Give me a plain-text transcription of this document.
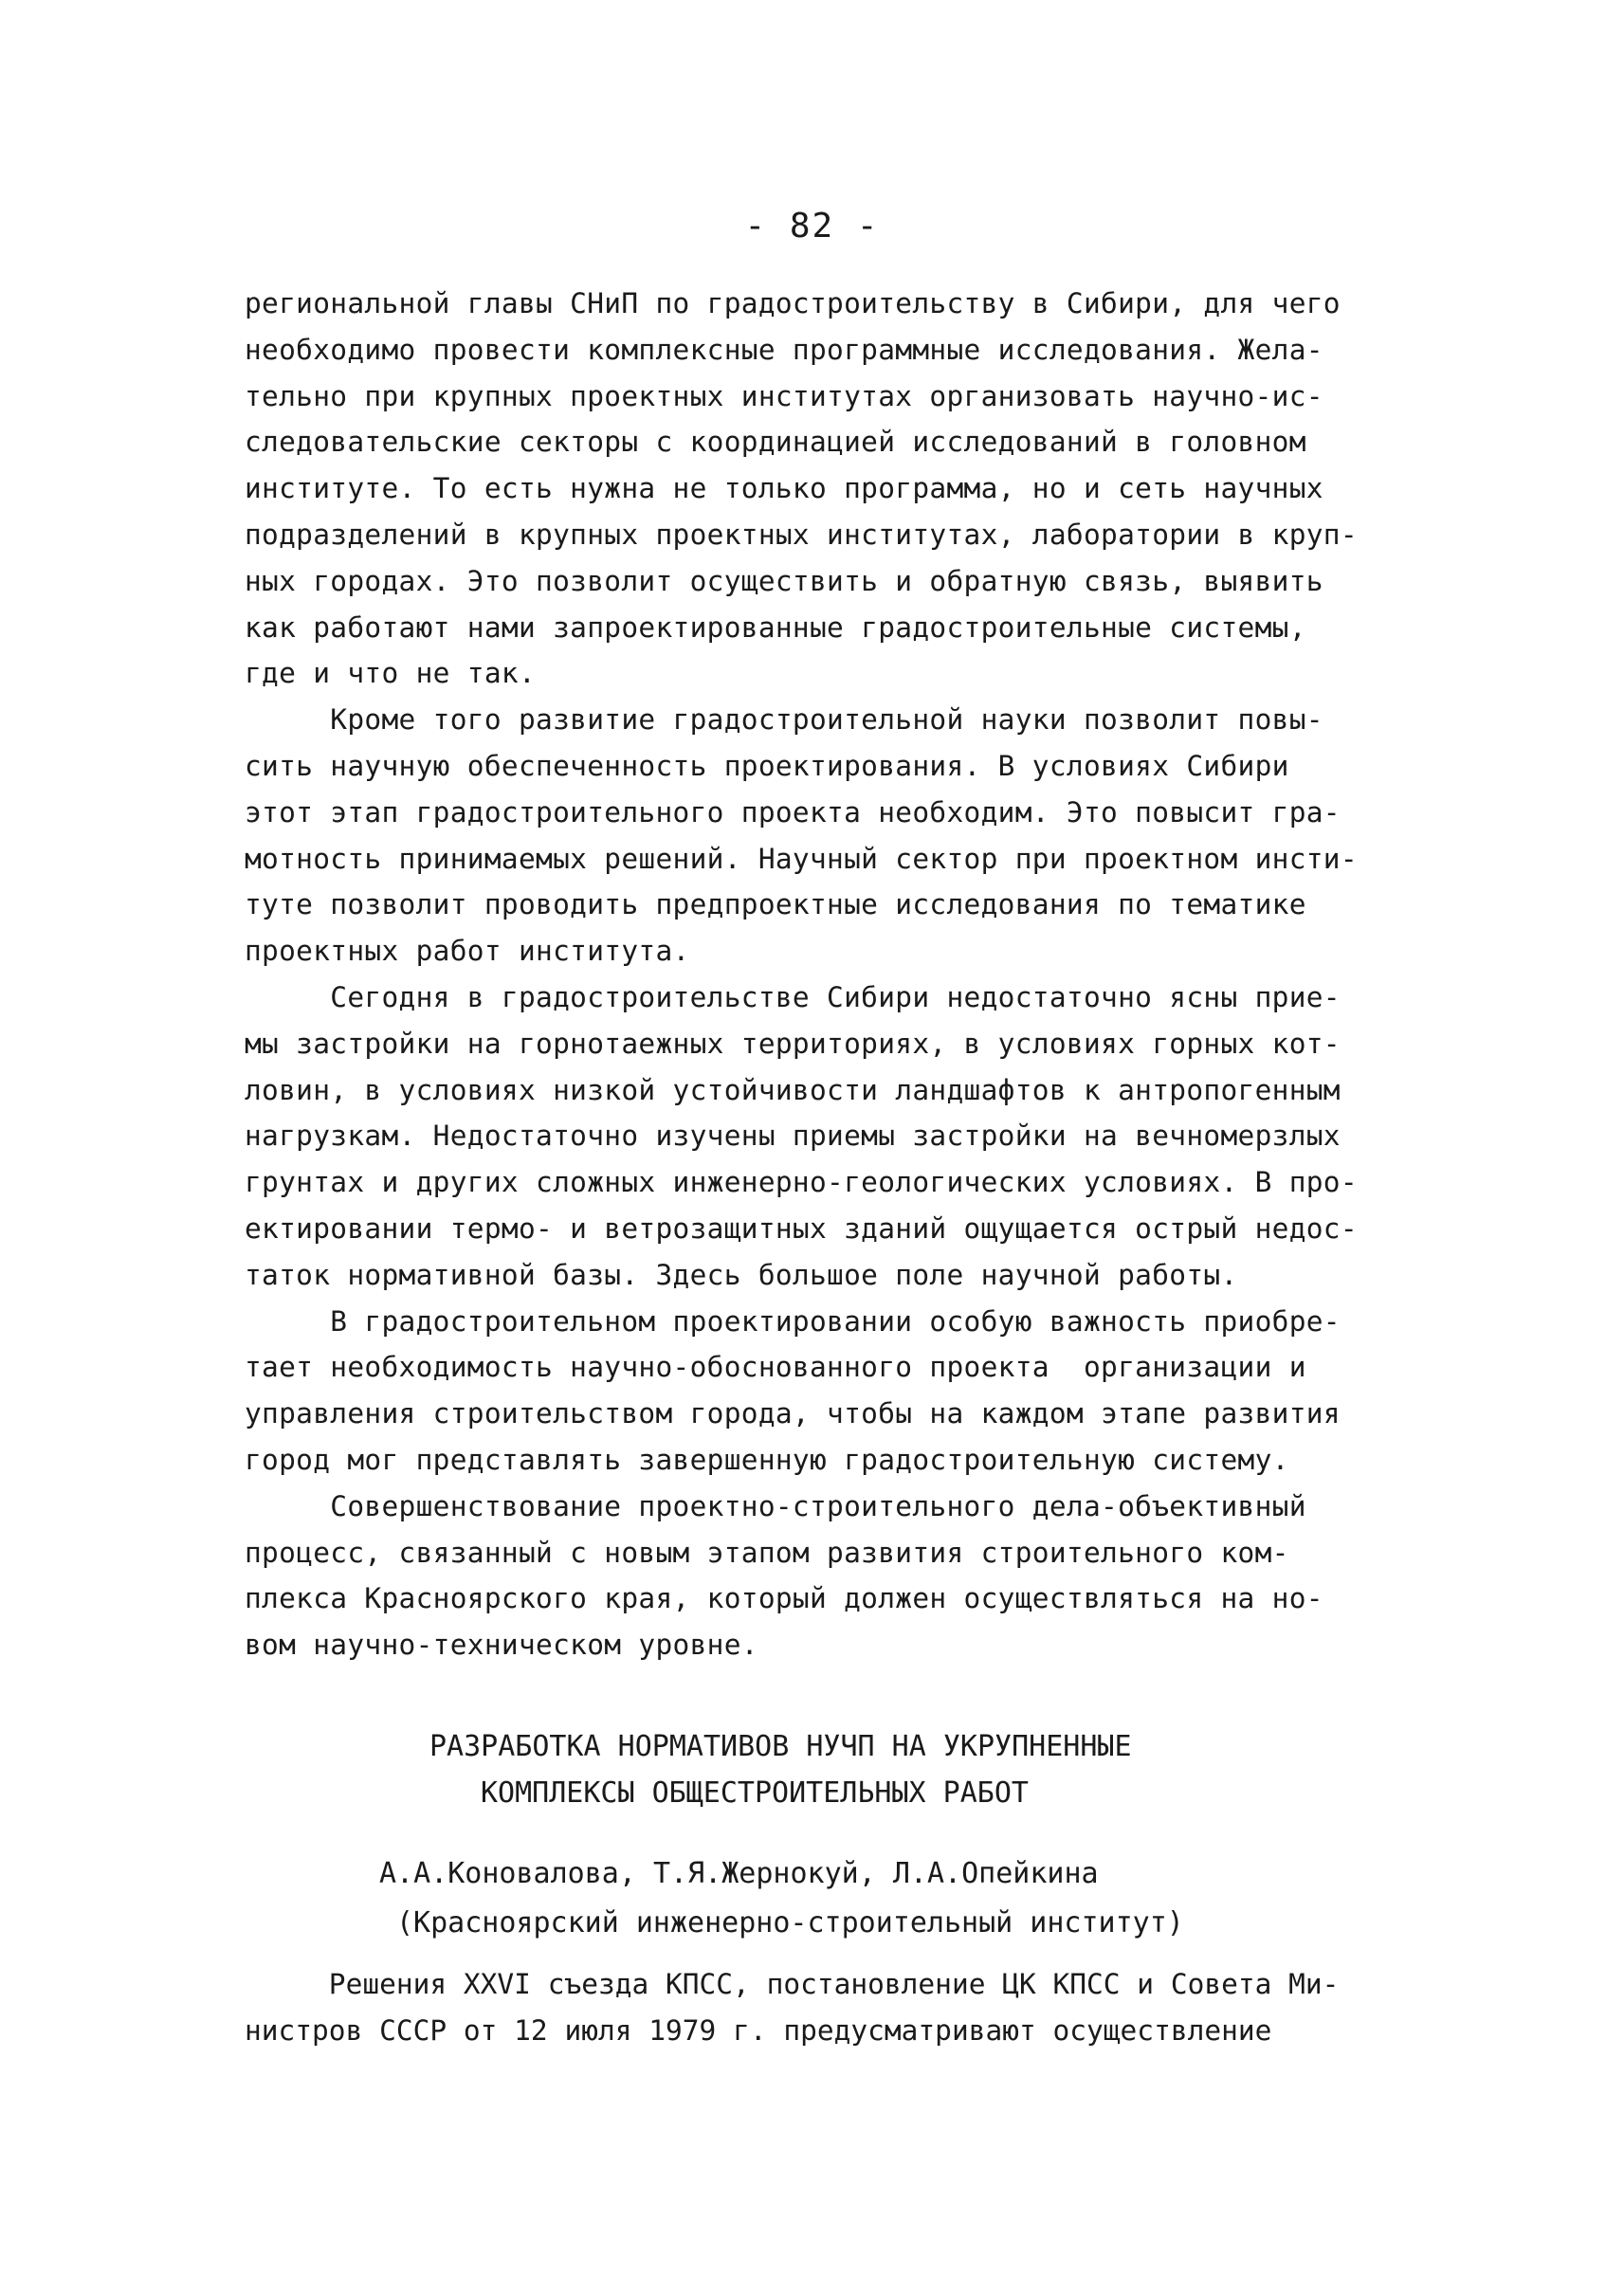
- 82 -
региональной главы СНиП по градостроительству в Сибири, для чего
необходимо провести комплексные программные исследования. Жела-
тельно при крупных проектных институтах организовать научно-ис-
следовательские секторы с координацией исследований в головном
институте. То есть нужна не только программа, но и сеть научных
подразделений в крупных проектных институтах, лаборатории в круп-
ных городах. Это позволит осуществить и обратную связь, выявить
как работают нами запроектированные градостроительные системы,
где и что не так.
Кроме того развитие градостроительной науки позволит повы-
сить научную обеспеченность проектирования. В условиях Сибири
этот этап градостроительного проекта необходим. Это повысит гра-
мотность принимаемых решений. Научный сектор при проектном инсти-
туте позволит проводить предпроектные исследования по тематике
проектных работ института.
Сегодня в градостроительстве Сибири недостаточно ясны прие-
мы застройки на горнотаежных территориях, в условиях горных кот-
ловин, в условиях низкой устойчивости ландшафтов к антропогенным
нагрузкам. Недостаточно изучены приемы застройки на вечномерзлых
грунтах и других сложных инженерно-геологических условиях. В про-
ектировании термо- и ветрозащитных зданий ощущается острый недос-
таток нормативной базы. Здесь большое поле научной работы.
В градостроительном проектировании особую важность приобре-
тает необходимость научно-обоснованного проекта  организации и
управления строительством города, чтобы на каждом этапе развития
город мог представлять завершенную градостроительную систему.
Совершенствование проектно-строительного дела-объективный
процесс, связанный с новым этапом развития строительного ком-
плекса Красноярского края, который должен осуществляться на но-
вом научно-техническом уровне.
РАЗРАБОТКА НОРМАТИВОВ НУЧП НА УКРУПНЕННЫЕ
КОМПЛЕКСЫ ОБЩЕСТРОИТЕЛЬНЫХ РАБОТ
А.А.Коновалова, Т.Я.Жернокуй, Л.А.Опейкина
(Красноярский инженерно-строительный институт)
Решения XXVI съезда КПСС, постановление ЦК КПСС и Совета Ми-
нистров СССР от 12 июля 1979 г. предусматривают осуществление
